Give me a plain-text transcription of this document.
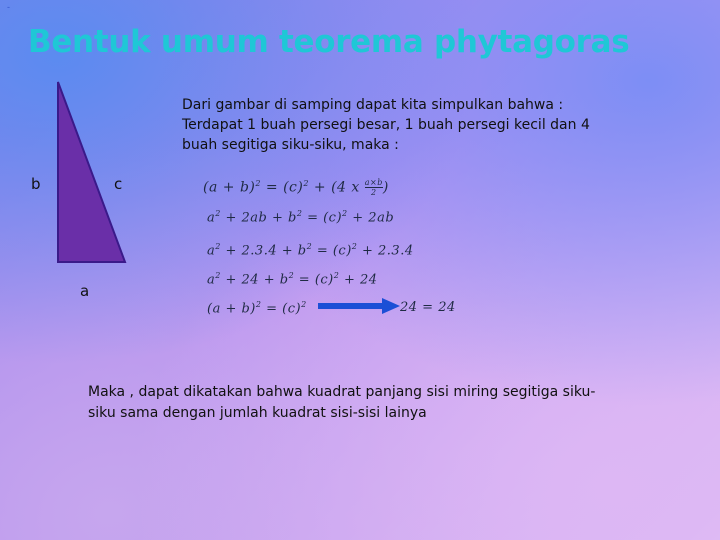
-
Bentuk umum teorema phytagoras
b	c
a
Dari gambar di samping dapat kita simpulkan bahwa : Terdapat 1 buah persegi besar, 1 buah persegi kecil dan 4 buah segitiga siku-siku, maka :
$(a + b)^2 = (c)^2 + (4$ x $\frac{a\times b}{2}$ )
$a^2 + 2ab + b^2 = (c)^2 + 2ab$
$a^2 + 2.3.4 + b^2 = (c)^2 + 2.3.4$
$a^2 + 24 + b^2 = (c)^2 + 24$
$(a + b)^2 = (c)^2$	24 = 24
Maka , dapat dikatakan bahwa kuadrat panjang sisi miring segitiga siku-siku sama dengan jumlah kuadrat sisi-sisi lainya
